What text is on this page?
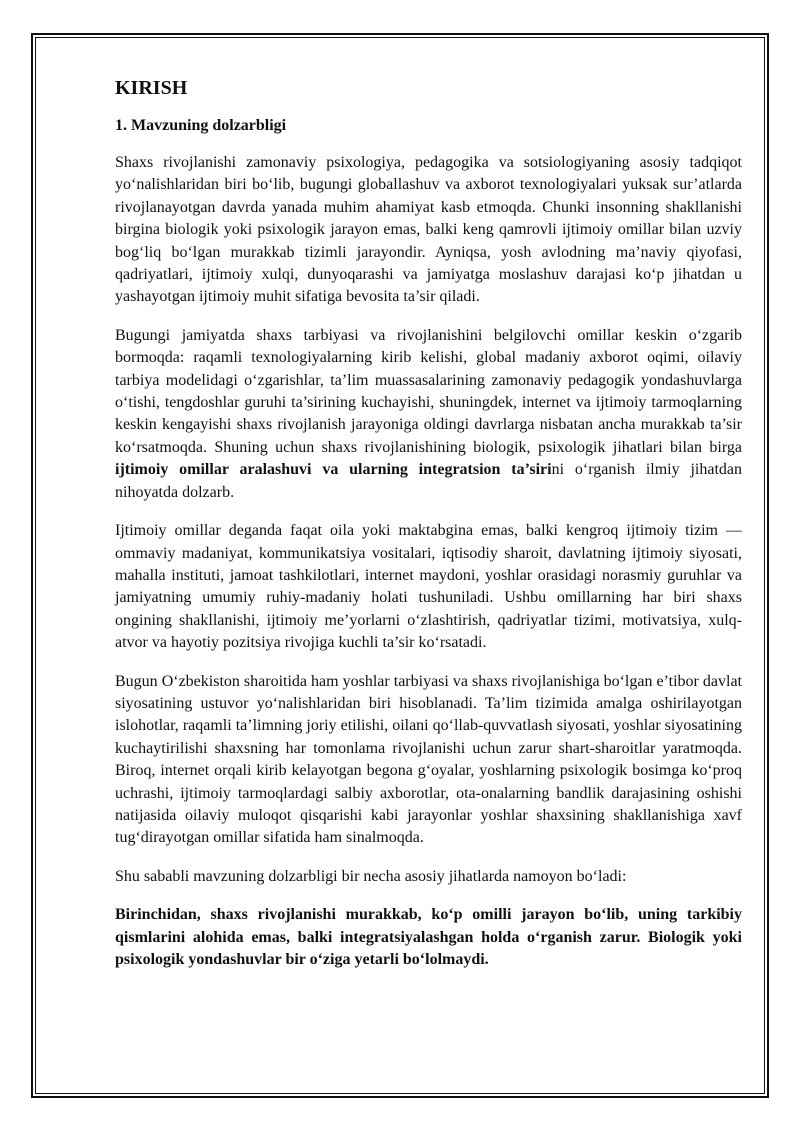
KIRISH
1. Mavzuning dolzarbligi

Shaxs rivojlanishi zamonaviy psixologiya, pedagogika va sotsiologiyaning asosiy tadqiqot yo‘nalishlaridan biri bo‘lib, bugungi globallashuv va axborot texnologiyalari yuksak sur’atlarda rivojlanayotgan davrda yanada muhim ahamiyat kasb etmoqda. Chunki insonning shakllanishi birgina biologik yoki psixologik jarayon emas, balki keng qamrovli ijtimoiy omillar bilan uzviy bog‘liq bo‘lgan murakkab tizimli jarayondir. Ayniqsa, yosh avlodning ma’naviy qiyofasi, qadriyatlari, ijtimoiy xulqi, dunyoqarashi va jamiyatga moslashuv darajasi ko‘p jihatdan u yashayotgan ijtimoiy muhit sifatiga bevosita ta’sir qiladi.

Bugungi jamiyatda shaxs tarbiyasi va rivojlanishini belgilovchi omillar keskin o‘zgarib bormoqda: raqamli texnologiyalarning kirib kelishi, global madaniy axborot oqimi, oilaviy tarbiya modelidagi o‘zgarishlar, ta’lim muassasalarining zamonaviy pedagogik yondashuvlarga o‘tishi, tengdoshlar guruhi ta’sirining kuchayishi, shuningdek, internet va ijtimoiy tarmoqlarning keskin kengayishi shaxs rivojlanish jarayoniga oldingi davrlarga nisbatan ancha murakkab ta’sir ko‘rsatmoqda. Shuning uchun shaxs rivojlanishining biologik, psixologik jihatlari bilan birga ijtimoiy omillar aralashuvi va ularning integratsion ta’sirini o‘rganish ilmiy jihatdan nihoyatda dolzarb.

Ijtimoiy omillar deganda faqat oila yoki maktabgina emas, balki kengroq ijtimoiy tizim — ommaviy madaniyat, kommunikatsiya vositalari, iqtisodiy sharoit, davlatning ijtimoiy siyosati, mahalla instituti, jamoat tashkilotlari, internet maydoni, yoshlar orasidagi norasmiy guruhlar va jamiyatning umumiy ruhiy-madaniy holati tushuniladi. Ushbu omillarning har biri shaxs ongining shakllanishi, ijtimoiy me’yorlarni o‘zlashtirish, qadriyatlar tizimi, motivatsiya, xulq-atvor va hayotiy pozitsiya rivojiga kuchli ta’sir ko‘rsatadi.

Bugun O‘zbekiston sharoitida ham yoshlar tarbiyasi va shaxs rivojlanishiga bo‘lgan e’tibor davlat siyosatining ustuvor yo‘nalishlaridan biri hisoblanadi. Ta’lim tizimida amalga oshirilayotgan islohotlar, raqamli ta’limning joriy etilishi, oilani qo‘llab-quvvatlash siyosati, yoshlar siyosatining kuchaytirilishi shaxsning har tomonlama rivojlanishi uchun zarur shart-sharoitlar yaratmoqda. Biroq, internet orqali kirib kelayotgan begona g‘oyalar, yoshlarning psixologik bosimga ko‘proq uchrashi, ijtimoiy tarmoqlardagi salbiy axborotlar, ota-onalarning bandlik darajasining oshishi natijasida oilaviy muloqot qisqarishi kabi jarayonlar yoshlar shaxsining shakllanishiga xavf tug‘dirayotgan omillar sifatida ham sinalmoqda.

Shu sababli mavzuning dolzarbligi bir necha asosiy jihatlarda namoyon bo‘ladi:

Birinchidan, shaxs rivojlanishi murakkab, ko‘p omilli jarayon bo‘lib, uning tarkibiy qismlarini alohida emas, balki integratsiyalashgan holda o‘rganish zarur. Biologik yoki psixologik yondashuvlar bir o‘ziga yetarli bo‘lolmaydi.
